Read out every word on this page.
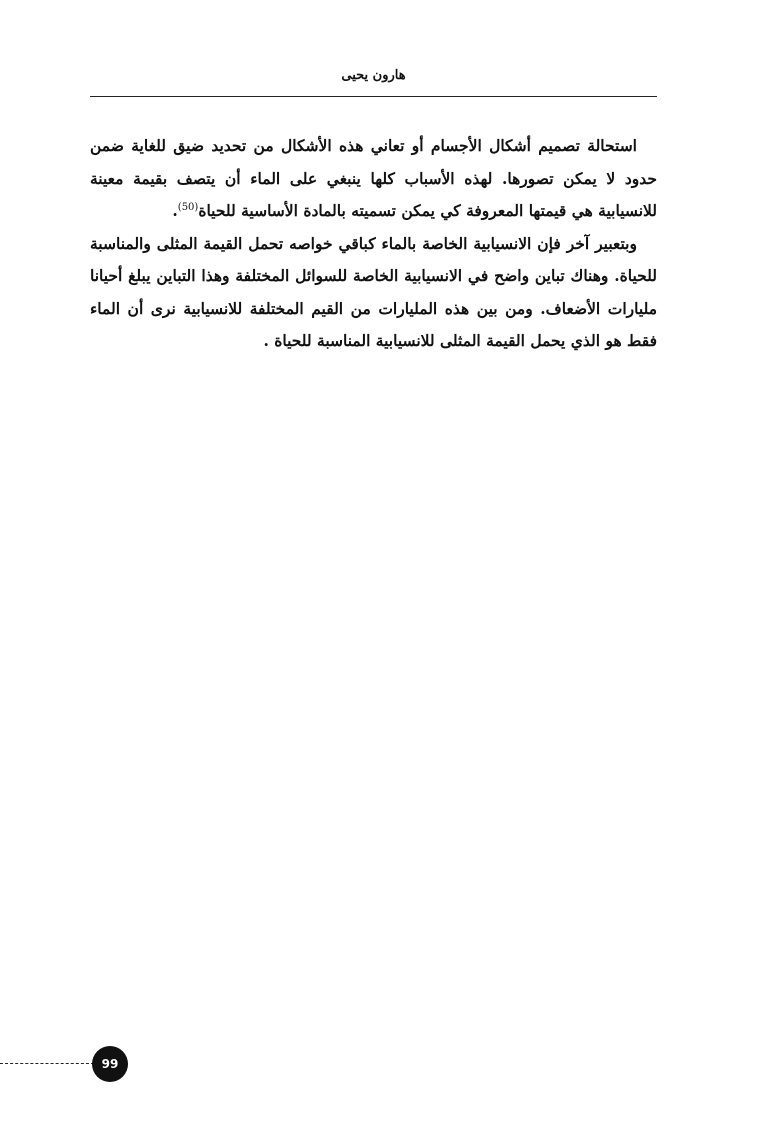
هارون يحيى

استحالة تصميم أشكال الأجسام أو تعاني هذه الأشكال من تحديد ضيق للغاية ضمن حدود لا يمكن تصورها. لهذه الأسباب كلها ينبغي على الماء أن يتصف بقيمة معينة للانسيابية هي قيمتها المعروفة كي يمكن تسميته بالمادة الأساسية للحياة$^{(50)}$.

وبتعبير آخر فإن الانسيابية الخاصة بالماء كباقي خواصه تحمل القيمة المثلى والمناسبة للحياة. وهناك تباين واضح في الانسيابية الخاصة للسوائل المختلفة وهذا التباين يبلغ أحيانا مليارات الأضعاف. ومن بين هذه المليارات من القيم المختلفة للانسيابية نرى أن الماء فقط هو الذي يحمل القيمة المثلى للانسيابية المناسبة للحياة .

99
